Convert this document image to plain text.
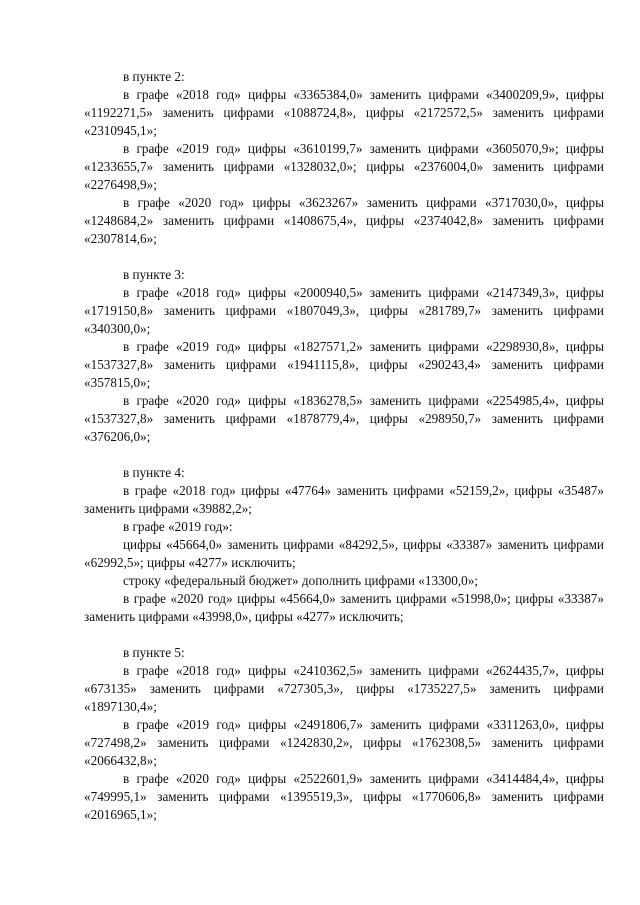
в пункте 2:

в графе «2018 год» цифры «3365384,0» заменить цифрами «3400209,9», цифры «1192271,5» заменить цифрами «1088724,8», цифры «2172572,5» заменить цифрами «2310945,1»;

в графе «2019 год» цифры «3610199,7» заменить цифрами «3605070,9»; цифры «1233655,7» заменить цифрами «1328032,0»; цифры «2376004,0» заменить цифрами «2276498,9»;

в графе «2020 год» цифры «3623267» заменить цифрами «3717030,0», цифры «1248684,2» заменить цифрами «1408675,4», цифры «2374042,8» заменить цифрами «2307814,6»;

в пункте 3:

в графе «2018 год» цифры «2000940,5» заменить цифрами «2147349,3», цифры «1719150,8» заменить цифрами «1807049,3», цифры «281789,7» заменить цифрами «340300,0»;

в графе «2019 год» цифры «1827571,2» заменить цифрами «2298930,8», цифры «1537327,8» заменить цифрами «1941115,8», цифры «290243,4» заменить цифрами «357815,0»;

в графе «2020 год» цифры «1836278,5» заменить цифрами «2254985,4», цифры «1537327,8» заменить цифрами «1878779,4», цифры «298950,7» заменить цифрами «376206,0»;

в пункте 4:

в графе «2018 год» цифры «47764» заменить цифрами «52159,2», цифры «35487» заменить цифрами «39882,2»;

в графе «2019 год»:

цифры «45664,0» заменить цифрами «84292,5», цифры «33387» заменить цифрами «62992,5»; цифры «4277» исключить;

строку «федеральный бюджет» дополнить цифрами «13300,0»;

в графе «2020 год» цифры «45664,0» заменить цифрами «51998,0»; цифры «33387» заменить цифрами «43998,0», цифры «4277» исключить;

в пункте 5:

в графе «2018 год» цифры «2410362,5» заменить цифрами «2624435,7», цифры «673135» заменить цифрами «727305,3», цифры «1735227,5» заменить цифрами «1897130,4»;

в графе «2019 год» цифры «2491806,7» заменить цифрами «3311263,0», цифры «727498,2» заменить цифрами «1242830,2», цифры «1762308,5» заменить цифрами «2066432,8»;

в графе «2020 год» цифры «2522601,9» заменить цифрами «3414484,4», цифры «749995,1» заменить цифрами «1395519,3», цифры «1770606,8» заменить цифрами «2016965,1»;
